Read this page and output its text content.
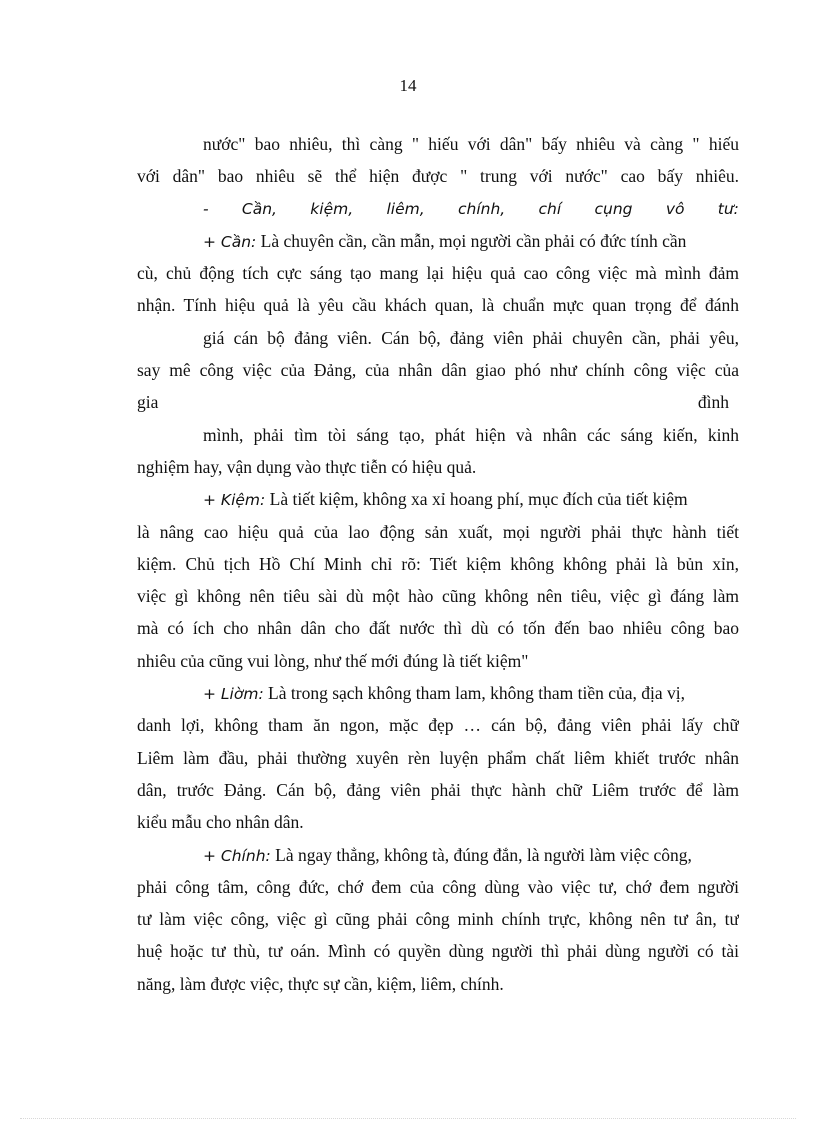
14
nước" bao nhiêu, thì càng " hiếu với dân" bấy nhiêu và càng " hiếu
với dân" bao nhiêu sẽ thể hiện được " trung với nước" cao bấy nhiêu.
- Cần, kiệm, liêm, chính, chí cụng vô tư:
+ Cần: Là chuyên cần, cần mẫn, mọi người cần phải có đức tính cần
cù, chủ động tích cực sáng tạo mang lại hiệu quả cao công việc mà mình đảm
nhận. Tính hiệu quả là yêu cầu khách quan, là chuẩn mực quan trọng để đánh
giá cán bộ đảng viên. Cán bộ, đảng viên phải chuyên cần, phải yêu,
say mê công việc của Đảng, của nhân dân giao phó như chính công việc của
gia	đình
mình, phải tìm tòi sáng tạo, phát hiện và nhân các sáng kiến, kinh
nghiệm hay, vận dụng vào thực tiễn có hiệu quả.
+ Kiệm: Là tiết kiệm, không xa xỉ hoang phí, mục đích của tiết kiệm
là nâng cao hiệu quả của lao động sản xuất, mọi người phải thực hành tiết
kiệm. Chủ tịch Hồ Chí Minh chỉ rõ: Tiết kiệm không không phải là bủn xỉn,
việc gì không nên tiêu sài dù một hào cũng không nên tiêu, việc gì đáng làm
mà có ích cho nhân dân cho đất nước thì dù có tốn đến bao nhiêu công bao
nhiêu của cũng vui lòng, như thế mới đúng là tiết kiệm"
+ Liờm: Là trong sạch không tham lam, không tham tiền của, địa vị,
danh lợi, không tham ăn ngon, mặc đẹp … cán bộ, đảng viên phải lấy chữ
Liêm làm đầu, phải thường xuyên rèn luyện phẩm chất liêm khiết trước nhân
dân, trước Đảng. Cán bộ, đảng viên phải thực hành chữ Liêm trước để làm
kiểu mẫu cho nhân dân.
+ Chính: Là ngay thẳng, không tà, đúng đắn, là người làm việc công,
phải công tâm, công đức, chớ đem của công dùng vào việc tư, chớ đem người
tư làm việc công, việc gì cũng phải công minh chính trực, không nên tư ân, tư
huệ hoặc tư thù, tư oán. Mình có quyền dùng người thì phải dùng người có tài
năng, làm được việc, thực sự cần, kiệm, liêm, chính.
